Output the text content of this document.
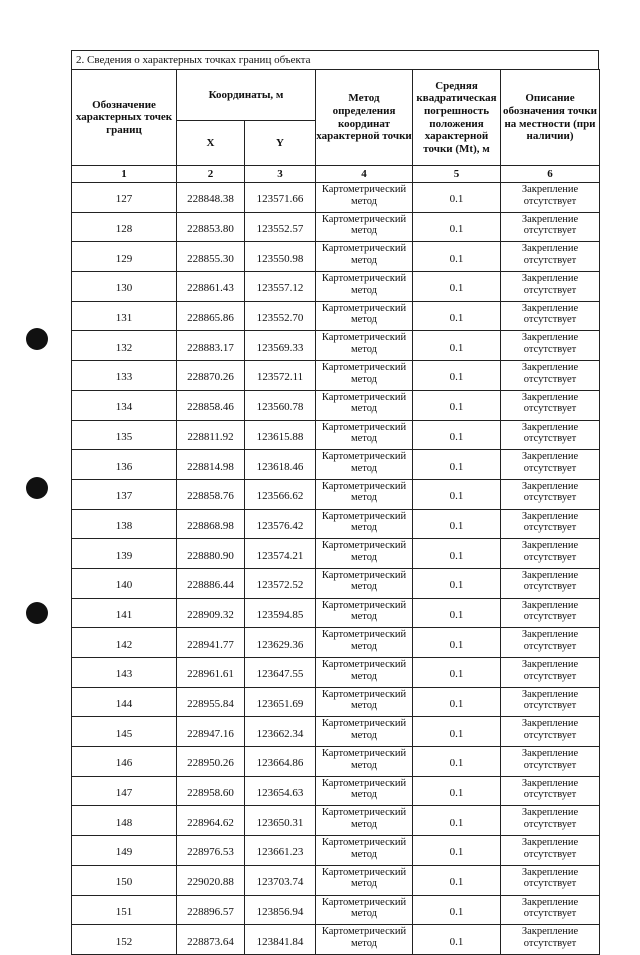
2. Сведения о характерных точках границ объекта
Обозначение характерных точек границ	Координаты, м		Метод определения координат характерной точки	Средняя квадратическая погрешность положения характерной точки (Mt), м	Описание обозначения точки на местности (при наличии)
	X	Y			
1	2	3	4	5	6
127	228848.38	123571.66	Картометрический метод	0.1	Закрепление отсутствует
128	228853.80	123552.57	Картометрический метод	0.1	Закрепление отсутствует
129	228855.30	123550.98	Картометрический метод	0.1	Закрепление отсутствует
130	228861.43	123557.12	Картометрический метод	0.1	Закрепление отсутствует
131	228865.86	123552.70	Картометрический метод	0.1	Закрепление отсутствует
132	228883.17	123569.33	Картометрический метод	0.1	Закрепление отсутствует
133	228870.26	123572.11	Картометрический метод	0.1	Закрепление отсутствует
134	228858.46	123560.78	Картометрический метод	0.1	Закрепление отсутствует
135	228811.92	123615.88	Картометрический метод	0.1	Закрепление отсутствует
136	228814.98	123618.46	Картометрический метод	0.1	Закрепление отсутствует
137	228858.76	123566.62	Картометрический метод	0.1	Закрепление отсутствует
138	228868.98	123576.42	Картометрический метод	0.1	Закрепление отсутствует
139	228880.90	123574.21	Картометрический метод	0.1	Закрепление отсутствует
140	228886.44	123572.52	Картометрический метод	0.1	Закрепление отсутствует
141	228909.32	123594.85	Картометрический метод	0.1	Закрепление отсутствует
142	228941.77	123629.36	Картометрический метод	0.1	Закрепление отсутствует
143	228961.61	123647.55	Картометрический метод	0.1	Закрепление отсутствует
144	228955.84	123651.69	Картометрический метод	0.1	Закрепление отсутствует
145	228947.16	123662.34	Картометрический метод	0.1	Закрепление отсутствует
146	228950.26	123664.86	Картометрический метод	0.1	Закрепление отсутствует
147	228958.60	123654.63	Картометрический метод	0.1	Закрепление отсутствует
148	228964.62	123650.31	Картометрический метод	0.1	Закрепление отсутствует
149	228976.53	123661.23	Картометрический метод	0.1	Закрепление отсутствует
150	229020.88	123703.74	Картометрический метод	0.1	Закрепление отсутствует
151	228896.57	123856.94	Картометрический метод	0.1	Закрепление отсутствует
152	228873.64	123841.84	Картометрический метод	0.1	Закрепление отсутствует
